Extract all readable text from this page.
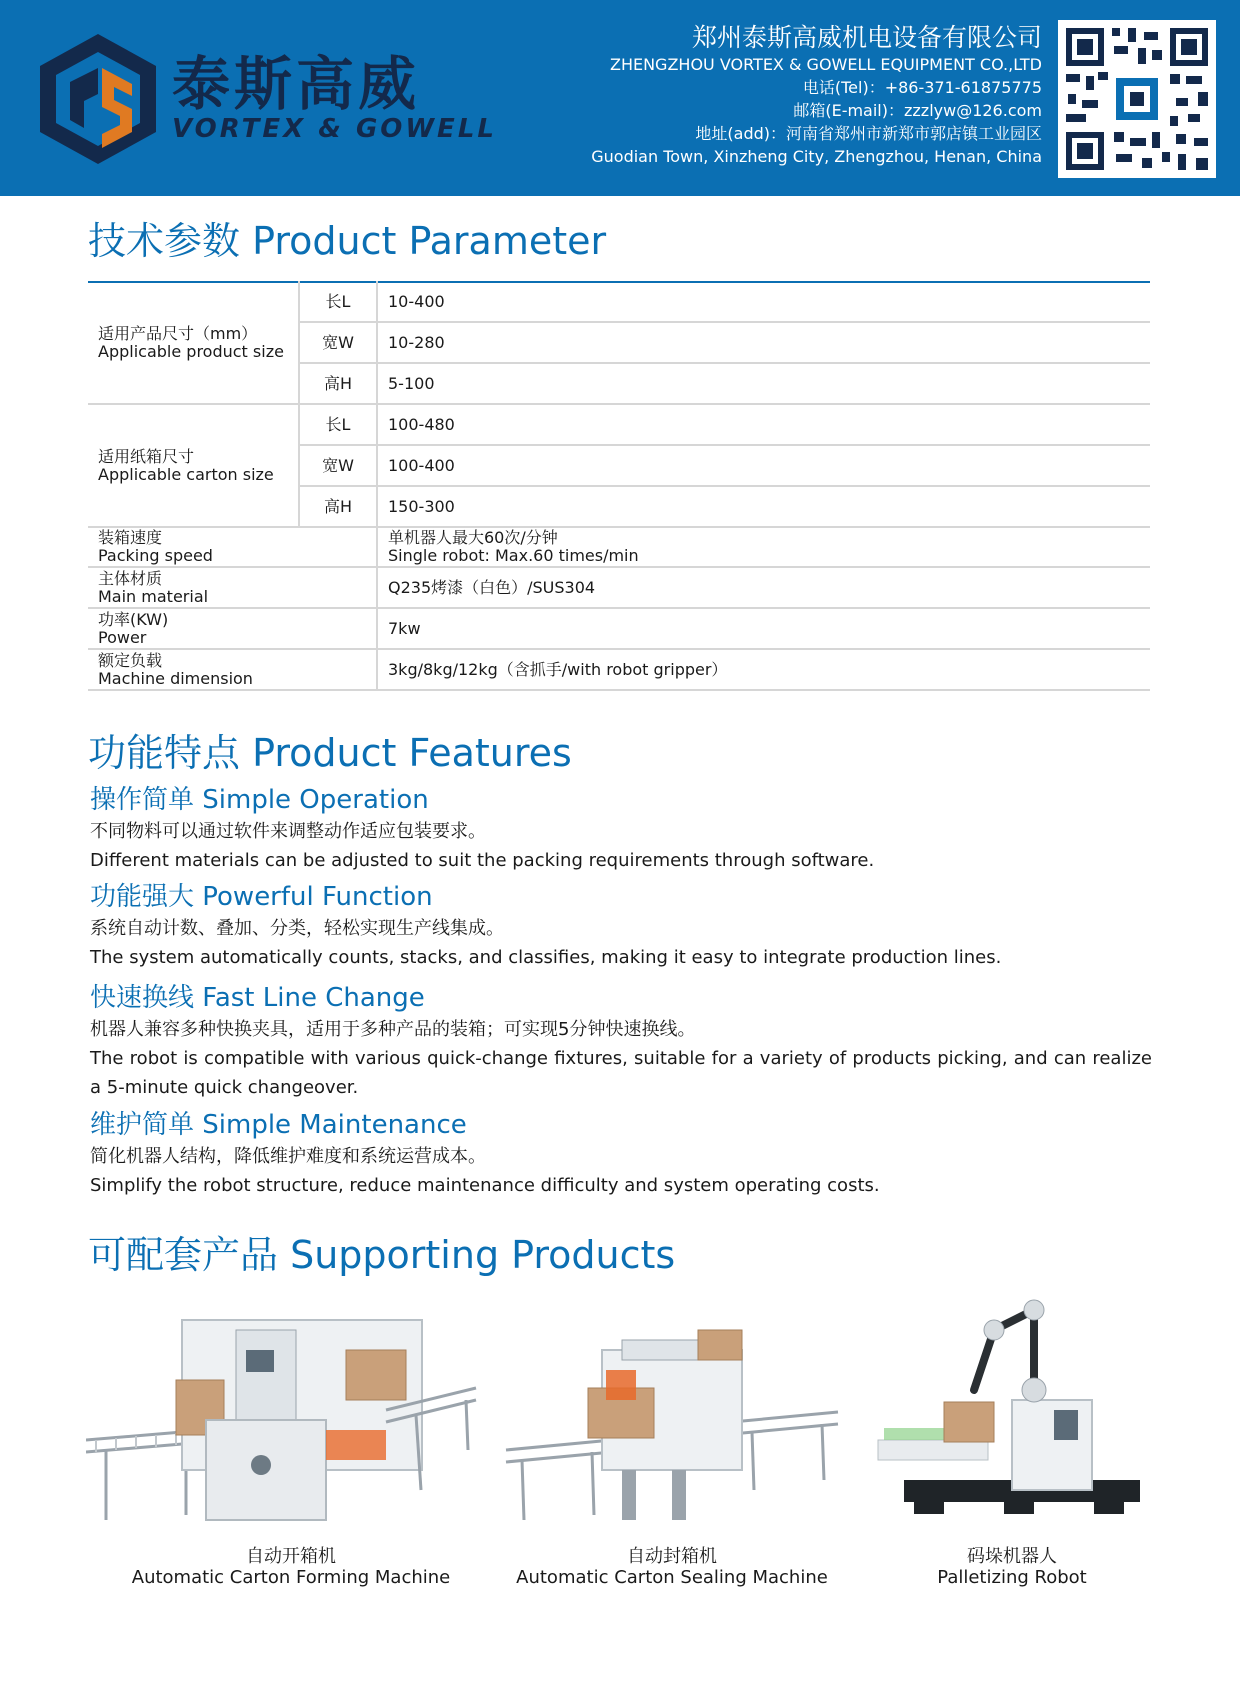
泰斯高威
VORTEX & GOWELL
郑州泰斯高威机电设备有限公司
ZHENGZHOU VORTEX & GOWELL EQUIPMENT CO.,LTD
电话(Tel)：+86-371-61875775
邮箱(E-mail)：zzzlyw@126.com
地址(add)：河南省郑州市新郑市郭店镇工业园区
Guodian Town, Xinzheng City, Zhengzhou, Henan, China
技术参数 Product Parameter
适用产品尺寸（mm）
Applicable product size	长L	10-400
	宽W	10-280
	高H	5-100

适用纸箱尺寸
Applicable carton size	长L	100-480
	宽W	100-400
	高H	150-300

装箱速度
Packing speed		单机器人最大60次/分钟
Single robot: Max.60 times/min

主体材质
Main material		Q235烤漆（白色）/SUS304

功率(KW)
Power		7kw

额定负载
Machine dimension		3kg/8kg/12kg（含抓手/with robot gripper）
功能特点 Product Features
操作简单 Simple Operation

不同物料可以通过软件来调整动作适应包装要求。

Different materials can be adjusted to suit the packing requirements through software.

功能强大 Powerful Function

系统自动计数、叠加、分类，轻松实现生产线集成。

The system automatically counts, stacks, and classifies, making it easy to integrate production lines.

快速换线 Fast Line Change

机器人兼容多种快换夹具，适用于多种产品的装箱；可实现5分钟快速换线。

The robot is compatible with various quick-change fixtures, suitable for a variety of products picking, and can realize a 5-minute quick changeover.

维护简单 Simple Maintenance

简化机器人结构，降低维护难度和系统运营成本。

Simplify the robot structure, reduce maintenance difficulty and system operating costs.

可配套产品 Supporting Products
自动开箱机
Automatic Carton Forming Machine
自动封箱机
Automatic Carton Sealing Machine
码垛机器人
Palletizing Robot
